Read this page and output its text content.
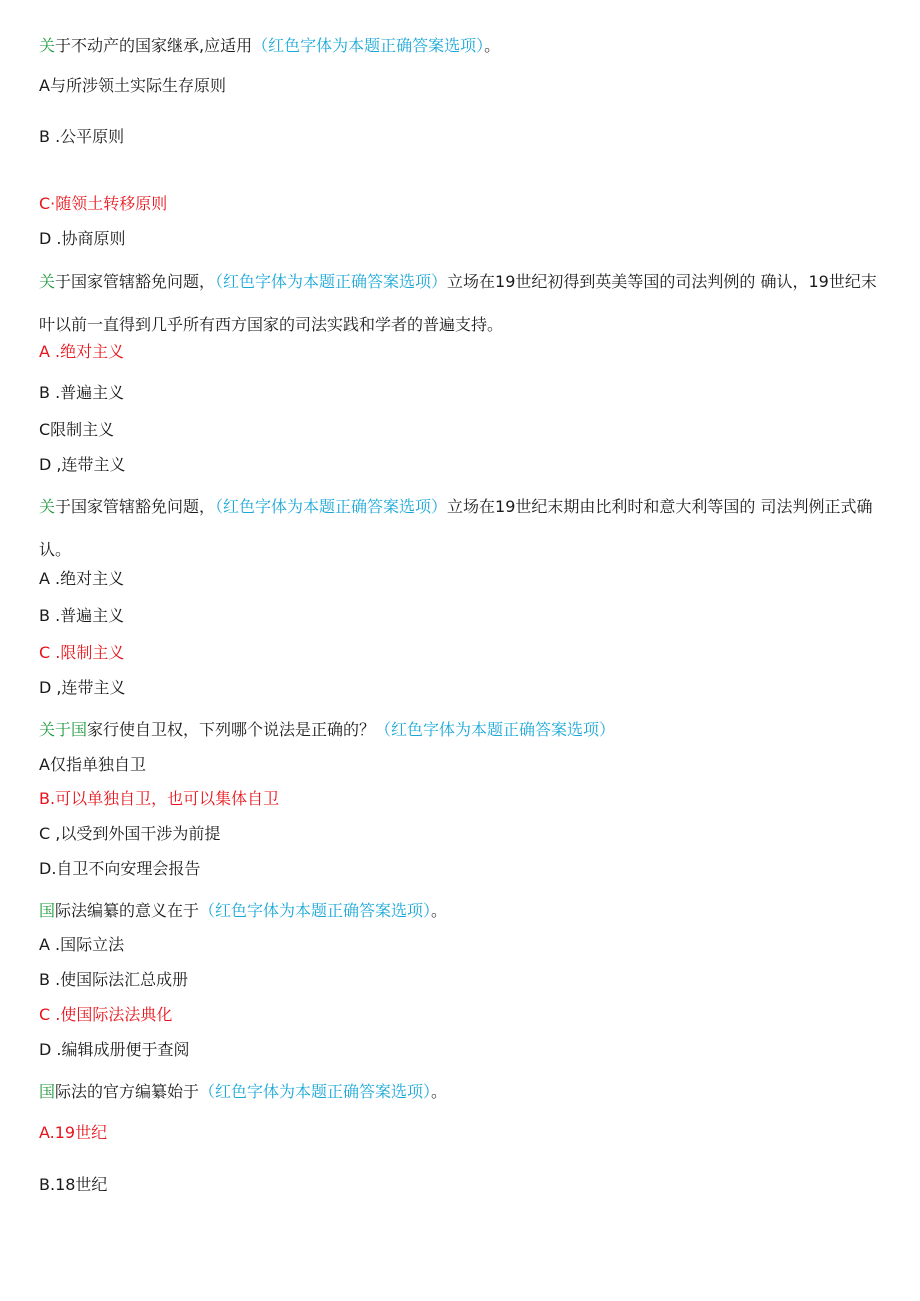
关于不动产的国家继承,应适用（红色字体为本题正确答案选项）。
A与所涉领土实际生存原则
B .公平原则
C·随领土转移原则
D .协商原则
关于国家管辖豁免问题，（红色字体为本题正确答案选项）立场在19世纪初得到英美等国的司法判例的 确认，19世纪末叶以前一直得到几乎所有西方国家的司法实践和学者的普遍支持。
A .绝对主义
B .普遍主义
C限制主义
D ,连带主义
关于国家管辖豁免问题，（红色字体为本题正确答案选项）立场在19世纪末期由比利时和意大利等国的 司法判例正式确认。
A .绝对主义
B .普遍主义
C .限制主义
D ,连带主义
关于国家行使自卫权，下列哪个说法是正确的？（红色字体为本题正确答案选项）
A仅指单独自卫
B.可以单独自卫，也可以集体自卫
C ,以受到外国干涉为前提
D.自卫不向安理会报告
国际法编纂的意义在于（红色字体为本题正确答案选项）。
A .国际立法
B .使国际法汇总成册
C .使国际法法典化
D .编辑成册便于查阅
国际法的官方编纂始于（红色字体为本题正确答案选项）。
A.19世纪
B.18世纪
